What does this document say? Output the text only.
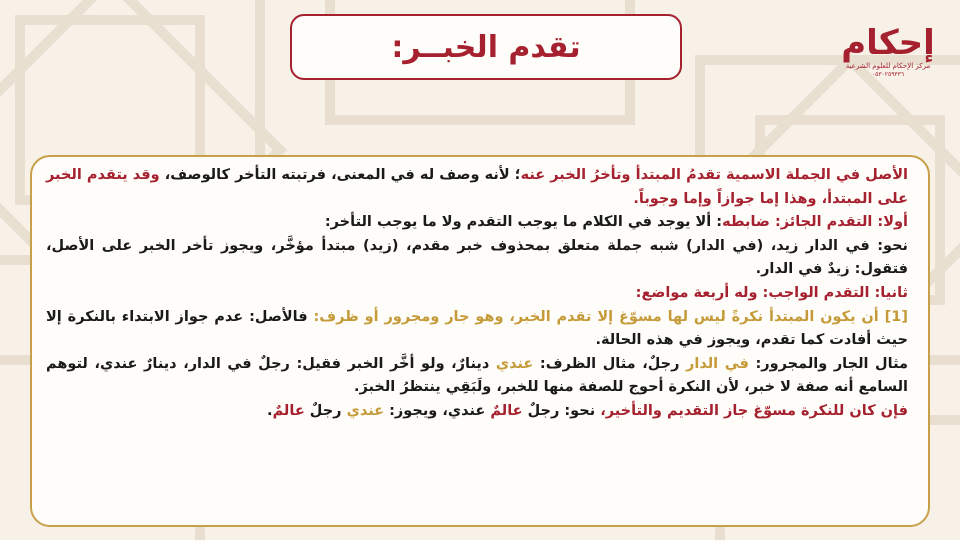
تقدم الخبــر:	إحكام
مركز الإحكام للعلوم الشرعية
٠٥٣٠٢٥٩٣٣٦

الأصل في الجملة الاسمية تقدمُ المبتدأ وتأخرُ الخبر عنه؛ لأنه وصف له في المعنى، فرتبته التأخر كالوصف، وقد يتقدم الخبر على المبتدأ، وهذا إما جوازاً وإما وجوباً.

أولا: التقدم الجائز: ضابطه: ألا يوجد في الكلام ما يوجب التقدم ولا ما يوجب التأخر:

نحو: في الدار زيد، (في الدار) شبه جملة متعلق بمحذوف خبر مقدم، (زيد) مبتدأ مؤخَّر، ويجوز تأخر الخبر على الأصل، فتقول: زيدٌ في الدار.

ثانيا: التقدم الواجب: وله أربعة مواضع:

[1] أن يكون المبتدأ نكرةً ليس لها مسوّغ إلا تقدم الخبر، وهو جار ومجرور أو ظرف: فالأصل: عدم جواز الابتداء بالنكرة إلا حيث أفادت كما تقدم، ويجوز في هذه الحالة.

مثال الجار والمجرور: في الدار رجلٌ، مثال الظرف: عندي دينارٌ، ولو أخَّر الخبر فقيل: رجلٌ في الدار، دينارٌ عندي، لتوهم السامع أنه صفة لا خبر، لأن النكرة أحوج للصفة منها للخبر، ولَبَقِي ينتظرُ الخبرَ.

فإن كان للنكرة مسوّغ جاز التقديم والتأخير، نحو: رجلٌ عالمٌ عندي، ويجوز: عندي رجلٌ عالمٌ.
